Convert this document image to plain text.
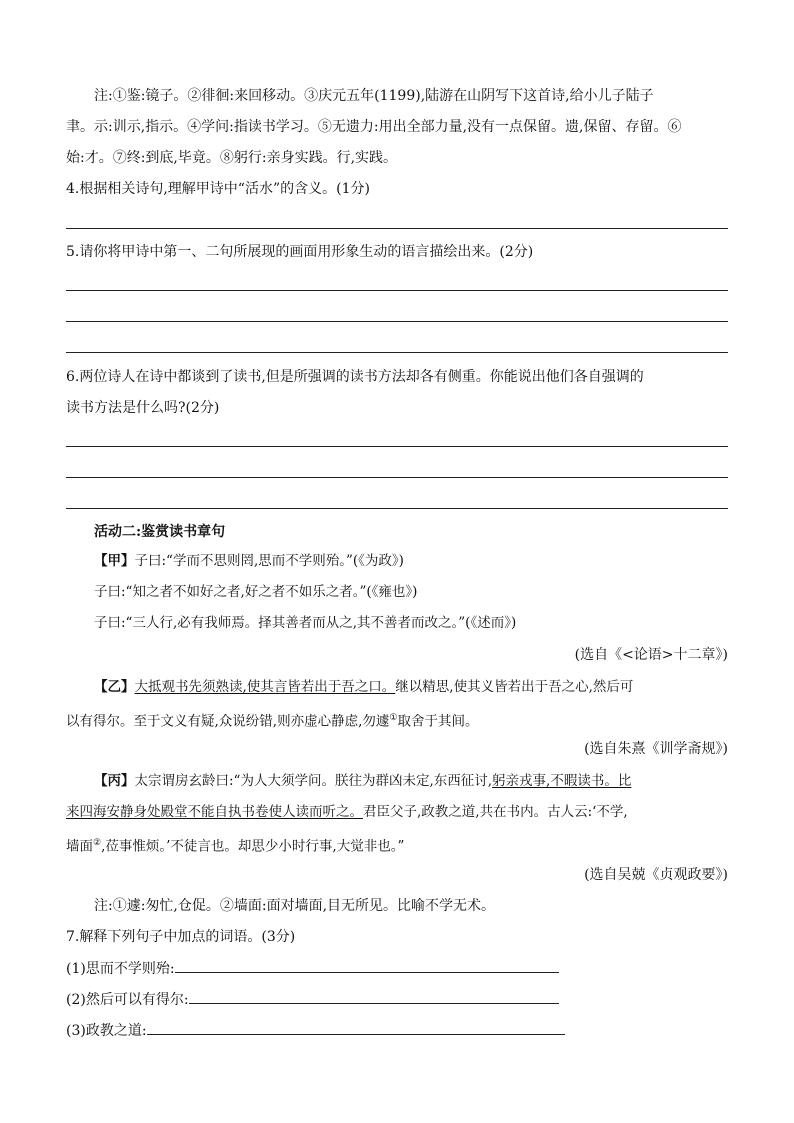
注:①鉴:镜子。②徘徊:来回移动。③庆元五年(1199),陆游在山阴写下这首诗,给小儿子陆子
聿。示:训示,指示。④学问:指读书学习。⑤无遗力:用出全部力量,没有一点保留。遗,保留、存留。⑥
始:才。⑦终:到底,毕竟。⑧躬行:亲身实践。行,实践。
4.根据相关诗句,理解甲诗中“活水”的含义。(1分)
5.请你将甲诗中第一、二句所展现的画面用形象生动的语言描绘出来。(2分)
6.两位诗人在诗中都谈到了读书,但是所强调的读书方法却各有侧重。你能说出他们各自强调的
读书方法是什么吗?(2分)
活动二:鉴赏读书章句
【甲】子曰:“学而不思则罔,思而不学则殆。”(《为政》)
子曰:“知之者不如好之者,好之者不如乐之者。”(《雍也》)
子曰:“三人行,必有我师焉。择其善者而从之,其不善者而改之。”(《述而》)
(选自《<论语>十二章》)
【乙】大抵观书先须熟读,使其言皆若出于吾之口。继以精思,使其义皆若出于吾之心,然后可
以有得尔。至于文义有疑,众说纷错,则亦虚心静虑,勿遽①取舍于其间。
(选自朱熹《训学斋规》)
【丙】太宗谓房玄龄曰:“为人大须学问。朕往为群凶未定,东西征讨,躬亲戎事,不暇读书。比
来四海安静身处殿堂不能自执书卷使人读而听之。君臣父子,政教之道,共在书内。古人云:‘不学,
墙面②,莅事惟烦。’不徒言也。却思少小时行事,大觉非也。”
(选自吴兢《贞观政要》)
注:①遽:匆忙,仓促。②墙面:面对墙面,目无所见。比喻不学无术。
7.解释下列句子中加点的词语。(3分)
(1)思而不学则殆:
(2)然后可以有得尔:
(3)政教之道:
